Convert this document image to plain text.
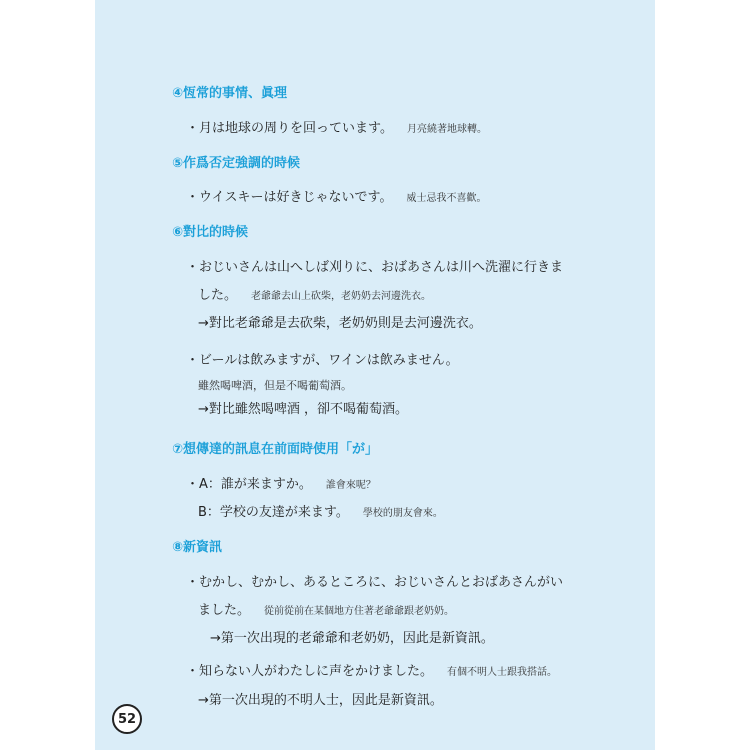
④恆常的事情、眞理
・月は地球の周りを回っています。 月亮繞著地球轉。
⑤作爲否定強調的時候
・ウイスキーは好きじゃないです。 威士忌我不喜歡。
⑥對比的時候
・おじいさんは山へしば刈りに、おばあさんは川へ洗濯に行きま
した。 老爺爺去山上砍柴，老奶奶去河邊洗衣。
→對比老爺爺是去砍柴，老奶奶則是去河邊洗衣。
・ビールは飲みますが、ワインは飲みません。
雖然喝啤酒，但是不喝葡萄酒。
→對比雖然喝啤酒 ，卻不喝葡萄酒。
⑦想傳達的訊息在前面時使用「が」
・A：誰が来ますか。 誰會來呢？
B：学校の友達が来ます。 學校的朋友會來。
⑧新資訊
・むかし、むかし、あるところに、おじいさんとおばあさんがい
ました。 從前從前在某個地方住著老爺爺跟老奶奶。
→第一次出現的老爺爺和老奶奶，因此是新資訊。
・知らない人がわたしに声をかけました。 有個不明人士跟我搭話。
→第一次出現的不明人士，因此是新資訊。
52
